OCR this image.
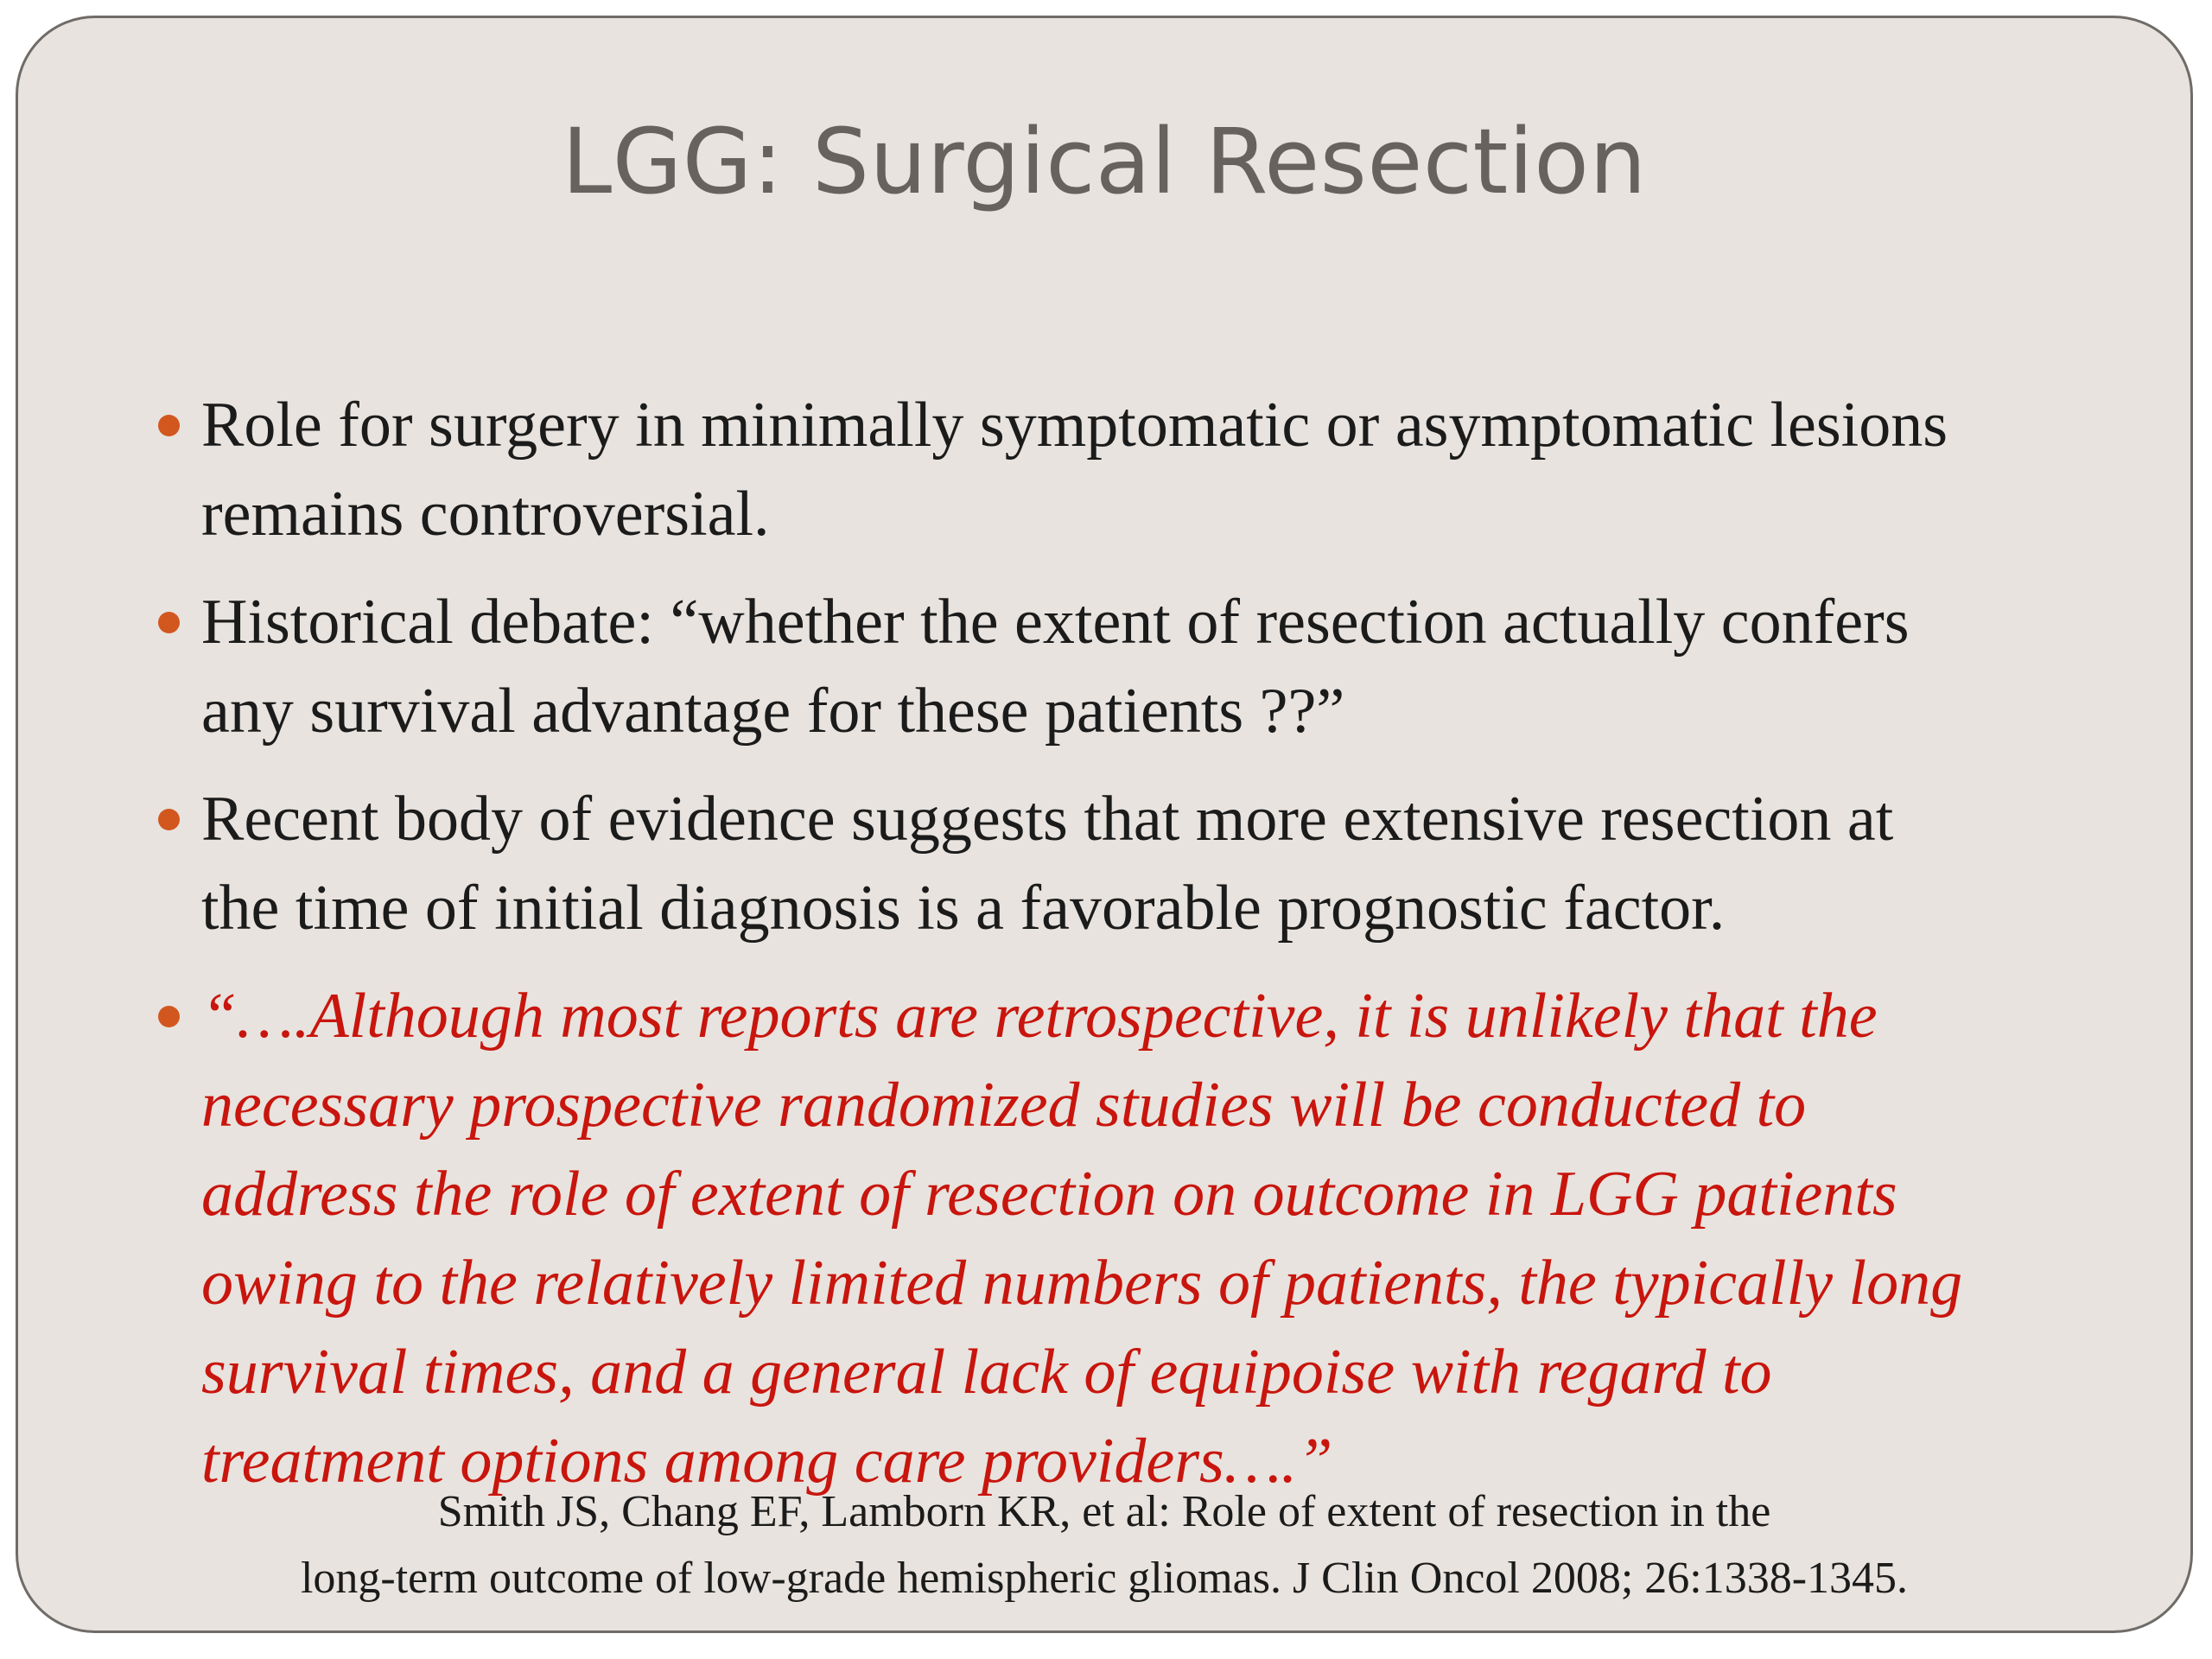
LGG: Surgical Resection
Role for surgery in minimally symptomatic or asymptomatic lesions remains controversial.
Historical debate: “whether the extent of resection actually confers any survival advantage for these patients ??”
Recent body of evidence suggests that more extensive resection at the time of initial diagnosis is a favorable prognostic factor.
“….Although most reports are retrospective, it is unlikely that the necessary prospective randomized studies will be conducted to address the role of extent of resection on outcome in LGG patients owing to the relatively limited numbers of patients, the typically long survival times, and a general lack of equipoise with regard to treatment options among care providers….”
Smith JS, Chang EF, Lamborn KR, et al: Role of extent of resection in the
long-term outcome of low-grade hemispheric gliomas. J Clin Oncol 2008; 26:1338-1345.
